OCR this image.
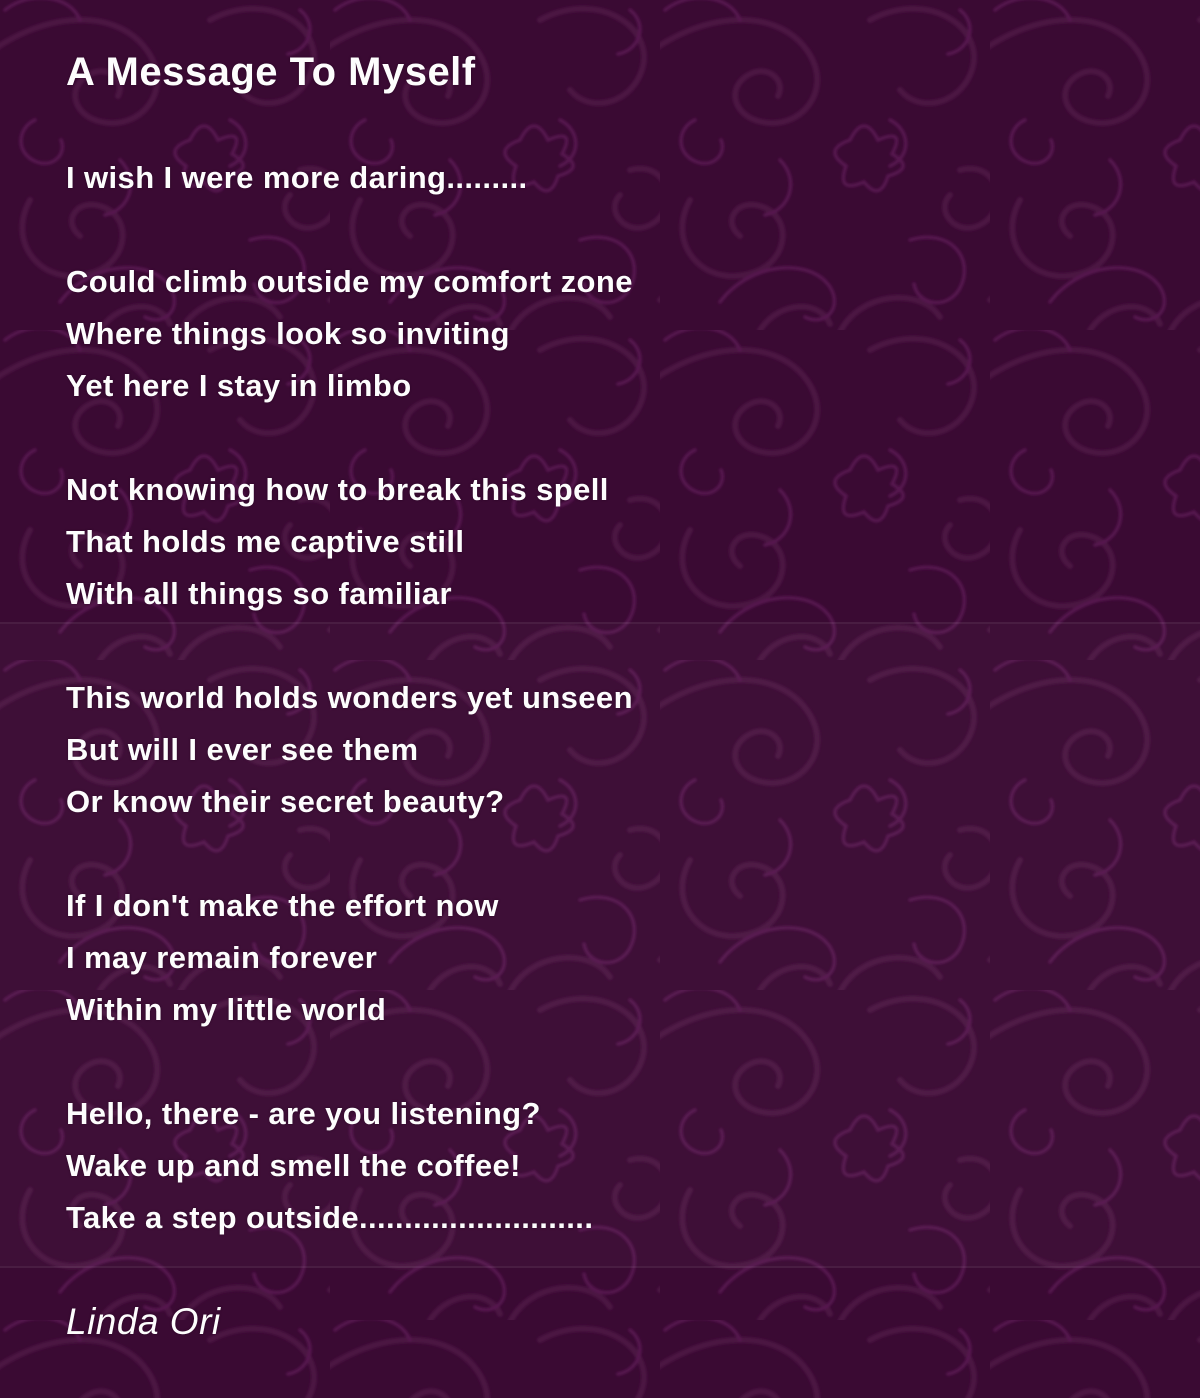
A Message To Myself
I wish I were more daring.........
Could climb outside my comfort zone
Where things look so inviting
Yet here I stay in limbo
Not knowing how to break this spell
That holds me captive still
With all things so familiar
This world holds wonders yet unseen
But will I ever see them
Or know their secret beauty?
If I don't make the effort now
I may remain forever
Within my little world
Hello, there - are you listening?
Wake up and smell the coffee!
Take a step outside..........................
Linda Ori
